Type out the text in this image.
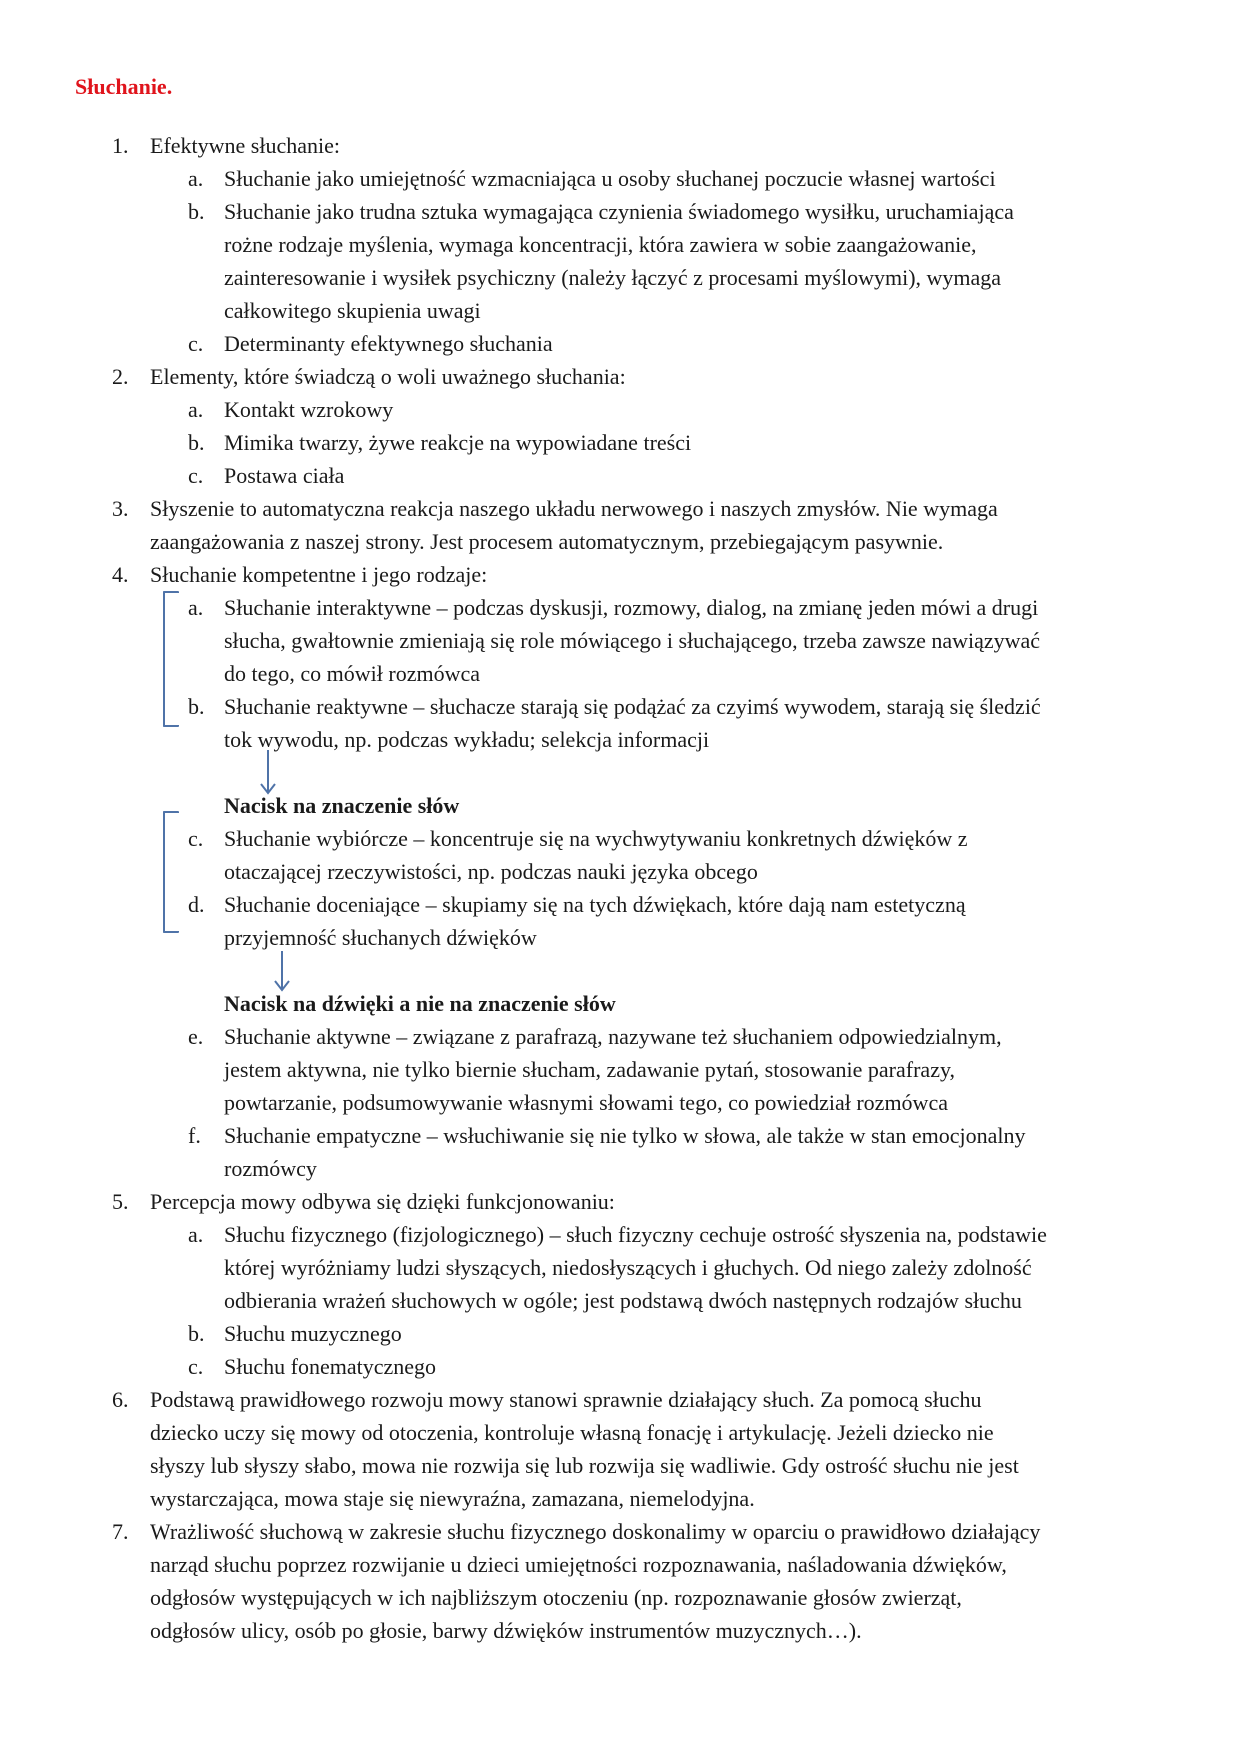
Słuchanie.
1. Efektywne słuchanie:
a. Słuchanie jako umiejętność wzmacniająca u osoby słuchanej poczucie własnej wartości
b. Słuchanie jako trudna sztuka wymagająca czynienia świadomego wysiłku, uruchamiająca
rożne rodzaje myślenia, wymaga koncentracji, która zawiera w sobie zaangażowanie,
zainteresowanie i wysiłek psychiczny (należy łączyć z procesami myślowymi), wymaga
całkowitego skupienia uwagi
c. Determinanty efektywnego słuchania
2. Elementy, które świadczą o woli uważnego słuchania:
a. Kontakt wzrokowy
b. Mimika twarzy, żywe reakcje na wypowiadane treści
c. Postawa ciała
3. Słyszenie to automatyczna reakcja naszego układu nerwowego i naszych zmysłów. Nie wymaga
zaangażowania z naszej strony. Jest procesem automatycznym, przebiegającym pasywnie.
4. Słuchanie kompetentne i jego rodzaje:
a. Słuchanie interaktywne – podczas dyskusji, rozmowy, dialog, na zmianę jeden mówi a drugi
słucha, gwałtownie zmieniają się role mówiącego i słuchającego, trzeba zawsze nawiązywać
do tego, co mówił rozmówca
b. Słuchanie reaktywne – słuchacze starają się podążać za czyimś wywodem, starają się śledzić
tok wywodu, np. podczas wykładu; selekcja informacji
Nacisk na znaczenie słów
c. Słuchanie wybiórcze – koncentruje się na wychwytywaniu konkretnych dźwięków z
otaczającej rzeczywistości, np. podczas nauki języka obcego
d. Słuchanie doceniające – skupiamy się na tych dźwiękach, które dają nam estetyczną
przyjemność słuchanych dźwięków
Nacisk na dźwięki a nie na znaczenie słów
e. Słuchanie aktywne – związane z parafrazą, nazywane też słuchaniem odpowiedzialnym,
jestem aktywna, nie tylko biernie słucham, zadawanie pytań, stosowanie parafrazy,
powtarzanie, podsumowywanie własnymi słowami tego, co powiedział rozmówca
f. Słuchanie empatyczne – wsłuchiwanie się nie tylko w słowa, ale także w stan emocjonalny
rozmówcy
5. Percepcja mowy odbywa się dzięki funkcjonowaniu:
a. Słuchu fizycznego (fizjologicznego) – słuch fizyczny cechuje ostrość słyszenia na, podstawie
której wyróżniamy ludzi słyszących, niedosłyszących i głuchych. Od niego zależy zdolność
odbierania wrażeń słuchowych w ogóle; jest podstawą dwóch następnych rodzajów słuchu
b. Słuchu muzycznego
c. Słuchu fonematycznego
6. Podstawą prawidłowego rozwoju mowy stanowi sprawnie działający słuch. Za pomocą słuchu
dziecko uczy się mowy od otoczenia, kontroluje własną fonację i artykulację. Jeżeli dziecko nie
słyszy lub słyszy słabo, mowa nie rozwija się lub rozwija się wadliwie. Gdy ostrość słuchu nie jest
wystarczająca, mowa staje się niewyraźna, zamazana, niemelodyjna.
7. Wrażliwość słuchową w zakresie słuchu fizycznego doskonalimy w oparciu o prawidłowo działający
narząd słuchu poprzez rozwijanie u dzieci umiejętności rozpoznawania, naśladowania dźwięków,
odgłosów występujących w ich najbliższym otoczeniu (np. rozpoznawanie głosów zwierząt,
odgłosów ulicy, osób po głosie, barwy dźwięków instrumentów muzycznych…).
